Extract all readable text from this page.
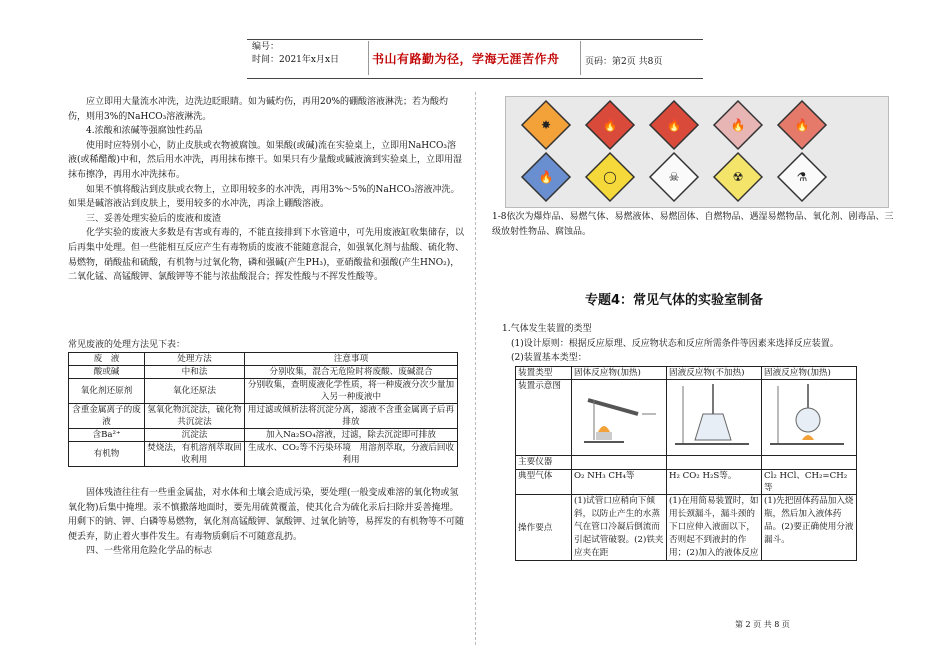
编号：
时间：2021年x月x日	书山有路勤为径，学海无涯苦作舟	页码：第2页 共8页

应立即用大量流水冲洗，边洗边眨眼睛。如为碱灼伤，再用20%的硼酸溶液淋洗；若为酸灼伤，则用3%的NaHCO₃溶液淋洗。

4.浓酸和浓碱等强腐蚀性药品

使用时应特别小心，防止皮肤或衣物被腐蚀。如果酸(或碱)流在实验桌上，立即用NaHCO₃溶液(或稀醋酸)中和，然后用水冲洗，再用抹布擦干。如果只有少量酸或碱液滴到实验桌上，立即用湿抹布擦净，再用水冲洗抹布。

如果不慎将酸沾到皮肤或衣物上，立即用较多的水冲洗，再用3%～5%的NaHCO₃溶液冲洗。如果是碱溶液沾到皮肤上，要用较多的水冲洗，再涂上硼酸溶液。

三、妥善处理实验后的废液和废渣

化学实验的废液大多数是有害或有毒的，不能直接排到下水管道中，可先用废液缸收集储存，以后再集中处理。但一些能相互反应产生有毒物质的废液不能随意混合，如强氧化剂与盐酸、硫化物、易燃物，硝酸盐和硫酸，有机物与过氧化物，磷和强碱(产生PH₃)，亚硝酸盐和强酸(产生HNO₂)，二氧化锰、高锰酸钾、氯酸钾等不能与浓盐酸混合；挥发性酸与不挥发性酸等。

常见废液的处理方法见下表：
废　液	处理方法	注意事项
酸或碱	中和法	分别收集，混合无危险时将废酸、废碱混合
氧化剂还原剂	氧化还原法	分别收集，查明废液化学性质，将一种废液分次少量加入另一种废液中
含重金属离子的废液	氢氧化物沉淀法，硫化物共沉淀法	用过滤或倾析法将沉淀分离，滤液不含重金属离子后再排放
含Ba²⁺	沉淀法	加入Na₂SO₄溶液，过滤，除去沉淀即可排放
有机物	焚烧法，有机溶剂萃取回收利用	生成水、CO₂等不污染环境　用溶剂萃取，分液后回收利用

固体残渣往往有一些重金属盐，对水体和土壤会造成污染，要处理(一般变成难溶的氧化物或氢氧化物)后集中掩埋。汞不慎撒落地面时，要先用硫黄覆盖，使其化合为硫化汞后扫除并妥善掩埋。用剩下的钠、钾、白磷等易燃物，氧化剂高锰酸钾、氯酸钾、过氧化钠等，易挥发的有机物等不可随便丢弃，防止着火事件发生。有毒物质剩后不可随意乱扔。

四、一些常用危险化学品的标志

✸	🔥	🔥	🔥	🔥
🔥	◯	☠	☢	⚗
1-8依次为爆炸品、易燃气体、易燃液体、易燃固体、自燃物品、遇湿易燃物品、氧化剂、剧毒品、三级放射性物品、腐蚀品。
专题4：常见气体的实验室制备

1.气体发生装置的类型

(1)设计原则：根据反应原理、反应物状态和反应所需条件等因素来选择反应装置。

(2)装置基本类型：

装置类型	固体反应物(加热)	固液反应物(不加热)	固液反应物(加热)
装置示意图			
主要仪器			
典型气体	O₂ NH₃ CH₄等	H₂ CO₂ H₂S等。	Cl₂ HCl、CH₂=CH₂等
操作要点	(1)试管口应稍向下倾斜，以防止产生的水蒸气在管口冷凝后倒流而引起试管破裂。(2)铁夹应夹在距	(1)在用简易装置时，如用长颈漏斗，漏斗颈的下口应伸入液面以下，否则起不到液封的作用；(2)加入的液体反应	(1)先把固体药品加入烧瓶，然后加入液体药品。(2)要正确使用分液漏斗。
第 2 页 共 8 页
